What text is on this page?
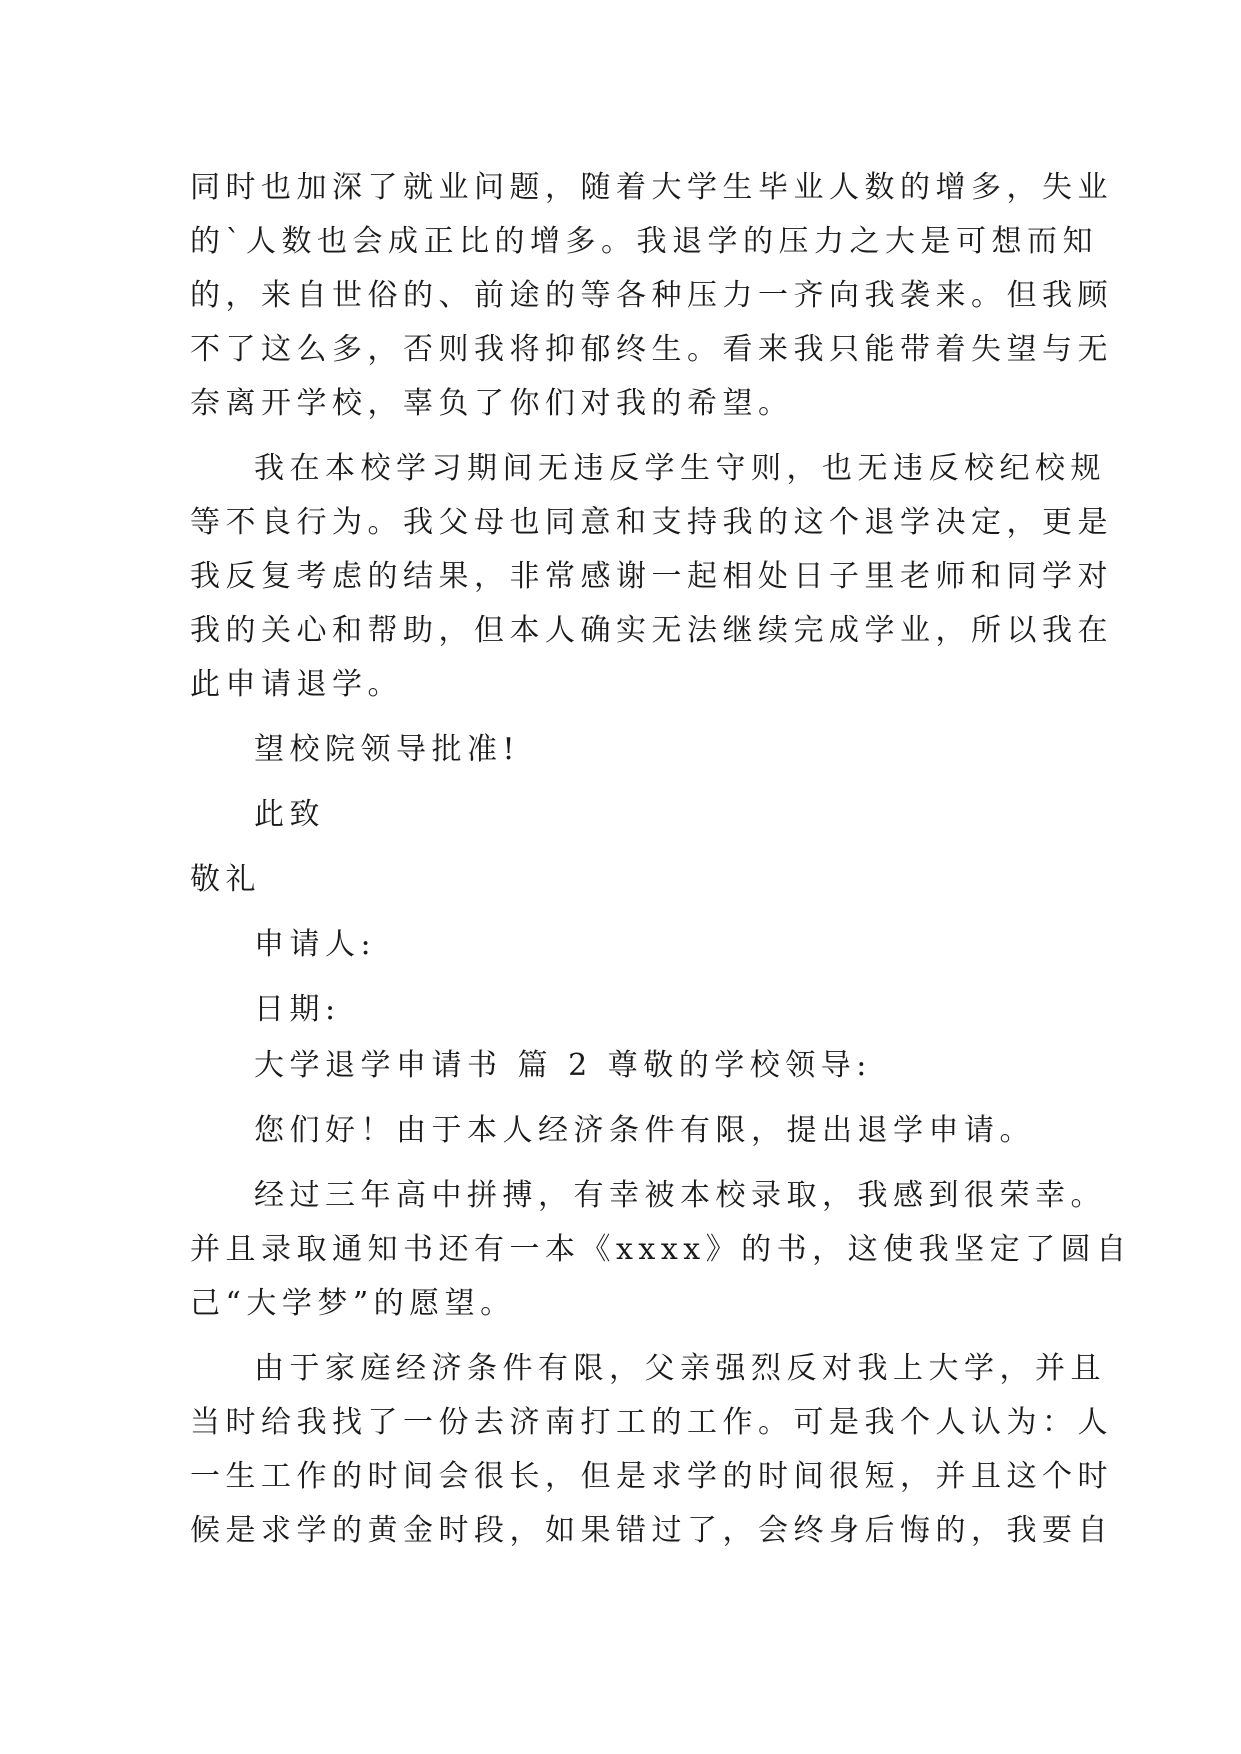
同时也加深了就业问题，随着大学生毕业人数的增多，失业
的`人数也会成正比的增多。我退学的压力之大是可想而知
的，来自世俗的、前途的等各种压力一齐向我袭来。但我顾
不了这么多，否则我将抑郁终生。看来我只能带着失望与无
奈离开学校，辜负了你们对我的希望。
我在本校学习期间无违反学生守则，也无违反校纪校规
等不良行为。我父母也同意和支持我的这个退学决定，更是
我反复考虑的结果，非常感谢一起相处日子里老师和同学对
我的关心和帮助，但本人确实无法继续完成学业，所以我在
此申请退学。
望校院领导批准!
此致
敬礼
申请人:
日期:
大学退学申请书 篇 2 尊敬的学校领导:
您们好！由于本人经济条件有限，提出退学申请。
经过三年高中拼搏，有幸被本校录取，我感到很荣幸。
并且录取通知书还有一本《xxxx》的书，这使我坚定了圆自
己“大学梦”的愿望。
由于家庭经济条件有限，父亲强烈反对我上大学，并且
当时给我找了一份去济南打工的工作。可是我个人认为：人
一生工作的时间会很长，但是求学的时间很短，并且这个时
候是求学的黄金时段，如果错过了，会终身后悔的，我要自
